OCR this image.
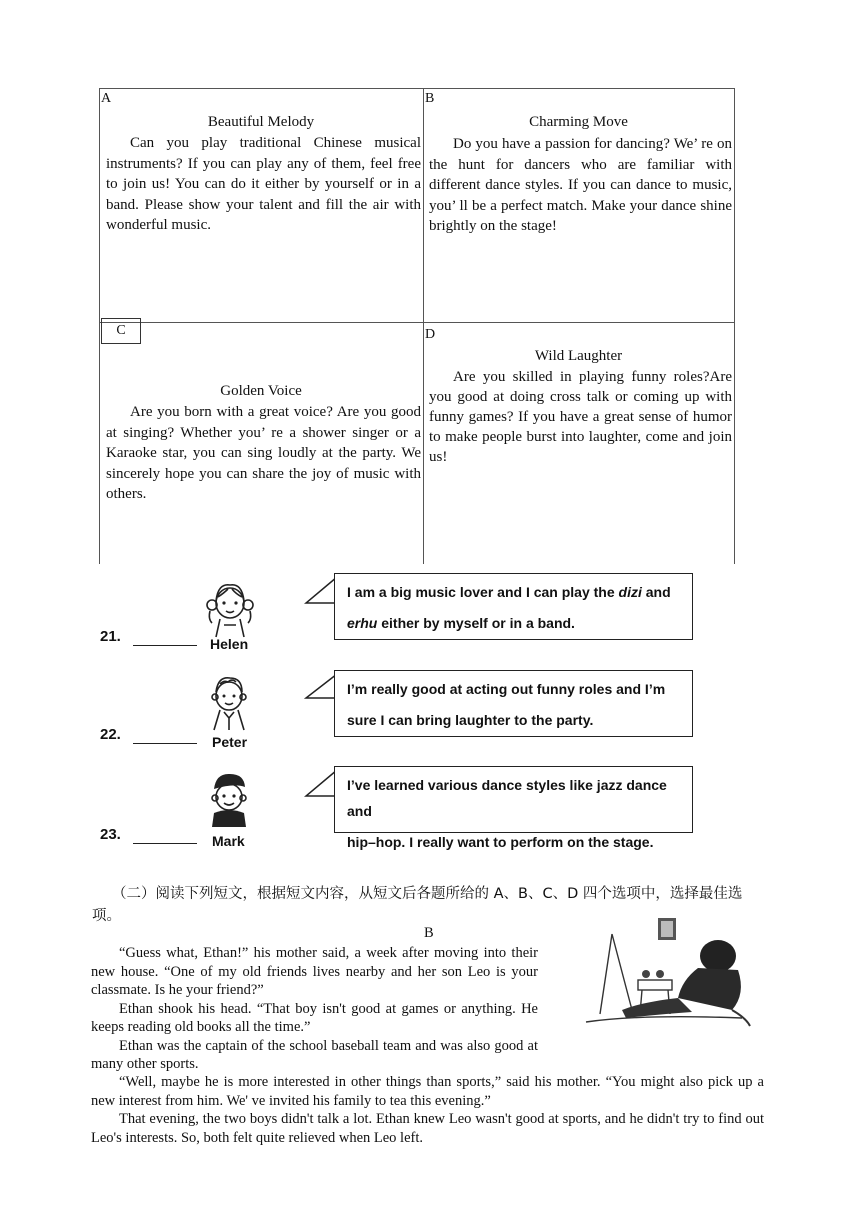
A
Beautiful Melody
Can you play traditional Chinese musical instruments? If you can play any of them, feel free to join us! You can do it either by yourself or in a band. Please show your talent and fill the air with wonderful music.
B
Charming Move
Do you have a passion for dancing? We’ re on the hunt for dancers who are familiar with different dance styles. If you can dance to music, you’ ll be a perfect match. Make your dance shine brightly on the stage!
C
Golden Voice
Are you born with a great voice? Are you good at singing? Whether you’ re a shower singer or a Karaoke star, you can sing loudly at the party. We sincerely hope you can share the joy of music with others.
D
Wild Laughter
Are you skilled in playing funny roles?Are you good at doing cross talk or coming up with funny games? If you have a great sense of humor to make people burst into laughter, come and join us!
21.	Helen
I am a big music lover and I can play the dizi and
erhu either by myself or in a band.
22.	Peter
I’m really good at acting out funny roles and I’m
sure I can bring laughter to the party.
23.	Mark
I’ve learned various dance styles like jazz dance and
hip–hop. I really want to perform on the stage.
（二）阅读下列短文，根据短文内容，从短文后各题所给的 A、B、C、D 四个选项中，选择最佳选项。
B

“Guess what, Ethan!” his mother said, a week after moving into their new house. “One of my old friends lives nearby and her son Leo is your classmate. Is he your friend?”

Ethan shook his head. “That boy isn't good at games or anything. He keeps reading old books all the time.”

Ethan was the captain of the school baseball team and was also good at many other sports.

“Well, maybe he is more interested in other things than sports,” said his mother. “You might also pick up a new interest from him. We' ve invited his family to tea this evening.”

That evening, the two boys didn't talk a lot. Ethan knew Leo wasn't good at sports, and he didn't try to find out Leo's interests. So, both felt quite relieved when Leo left.
